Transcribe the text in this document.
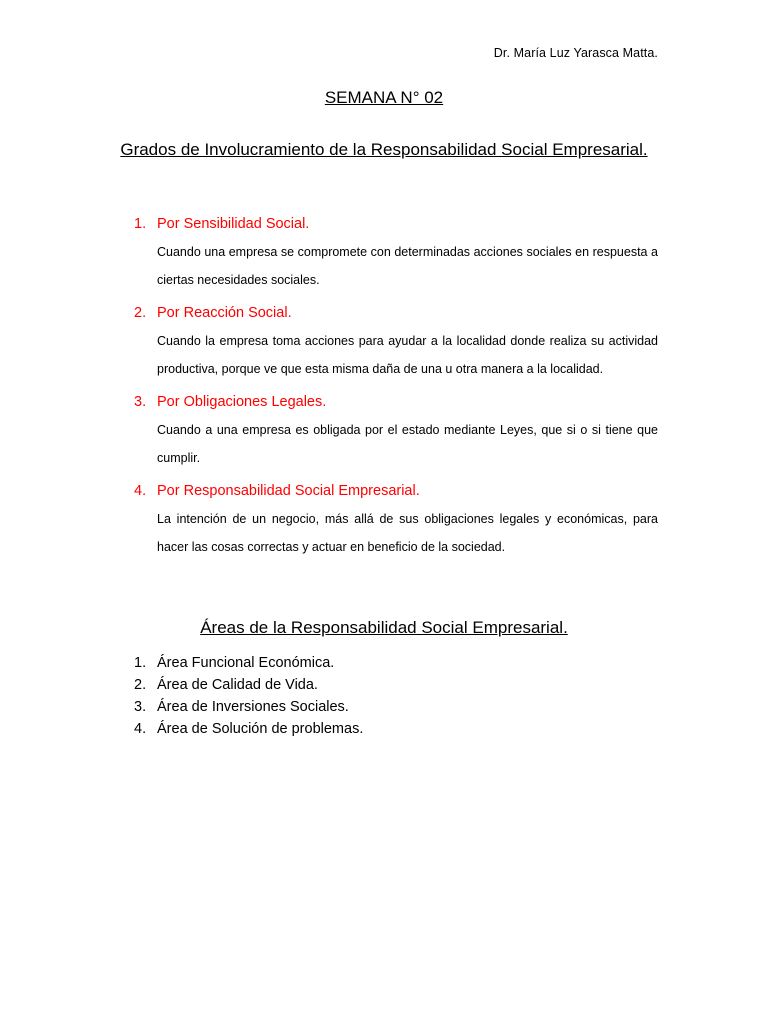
Dr. María Luz Yarasca Matta.
SEMANA N° 02
Grados de Involucramiento de la Responsabilidad Social Empresarial.
1. Por Sensibilidad Social.
Cuando una empresa se compromete con determinadas acciones sociales en respuesta a ciertas necesidades sociales.
2. Por Reacción Social.
Cuando la empresa toma acciones para ayudar a la localidad donde realiza su actividad productiva, porque ve que esta misma daña de una u otra manera a la localidad.
3. Por Obligaciones Legales.
Cuando a una empresa es obligada por el estado mediante Leyes, que si o si tiene que cumplir.
4. Por Responsabilidad Social Empresarial.
La intención de un negocio, más allá de sus obligaciones legales y económicas, para hacer las cosas correctas y actuar en beneficio de la sociedad.
Áreas de la Responsabilidad Social Empresarial.
1. Área Funcional Económica.
2. Área de Calidad de Vida.
3. Área de Inversiones Sociales.
4. Área de Solución de problemas.
